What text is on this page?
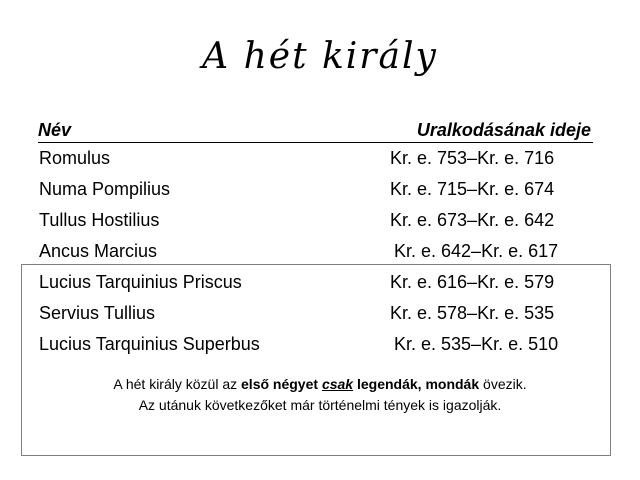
A hét király
Név	Uralkodásának ideje
Romulus	Kr. e. 753–Kr. e. 716
Numa Pompilius	Kr. e. 715–Kr. e. 674
Tullus Hostilius	Kr. e. 673–Kr. e. 642
Ancus Marcius	Kr. e. 642–Kr. e. 617
Lucius Tarquinius Priscus	Kr. e. 616–Kr. e. 579
Servius Tullius	Kr. e. 578–Kr. e. 535
Lucius Tarquinius Superbus	Kr. e. 535–Kr. e. 510
A hét király közül az első négyet csak legendák, mondák övezik.
Az utánuk következőket már történelmi tények is igazolják.
